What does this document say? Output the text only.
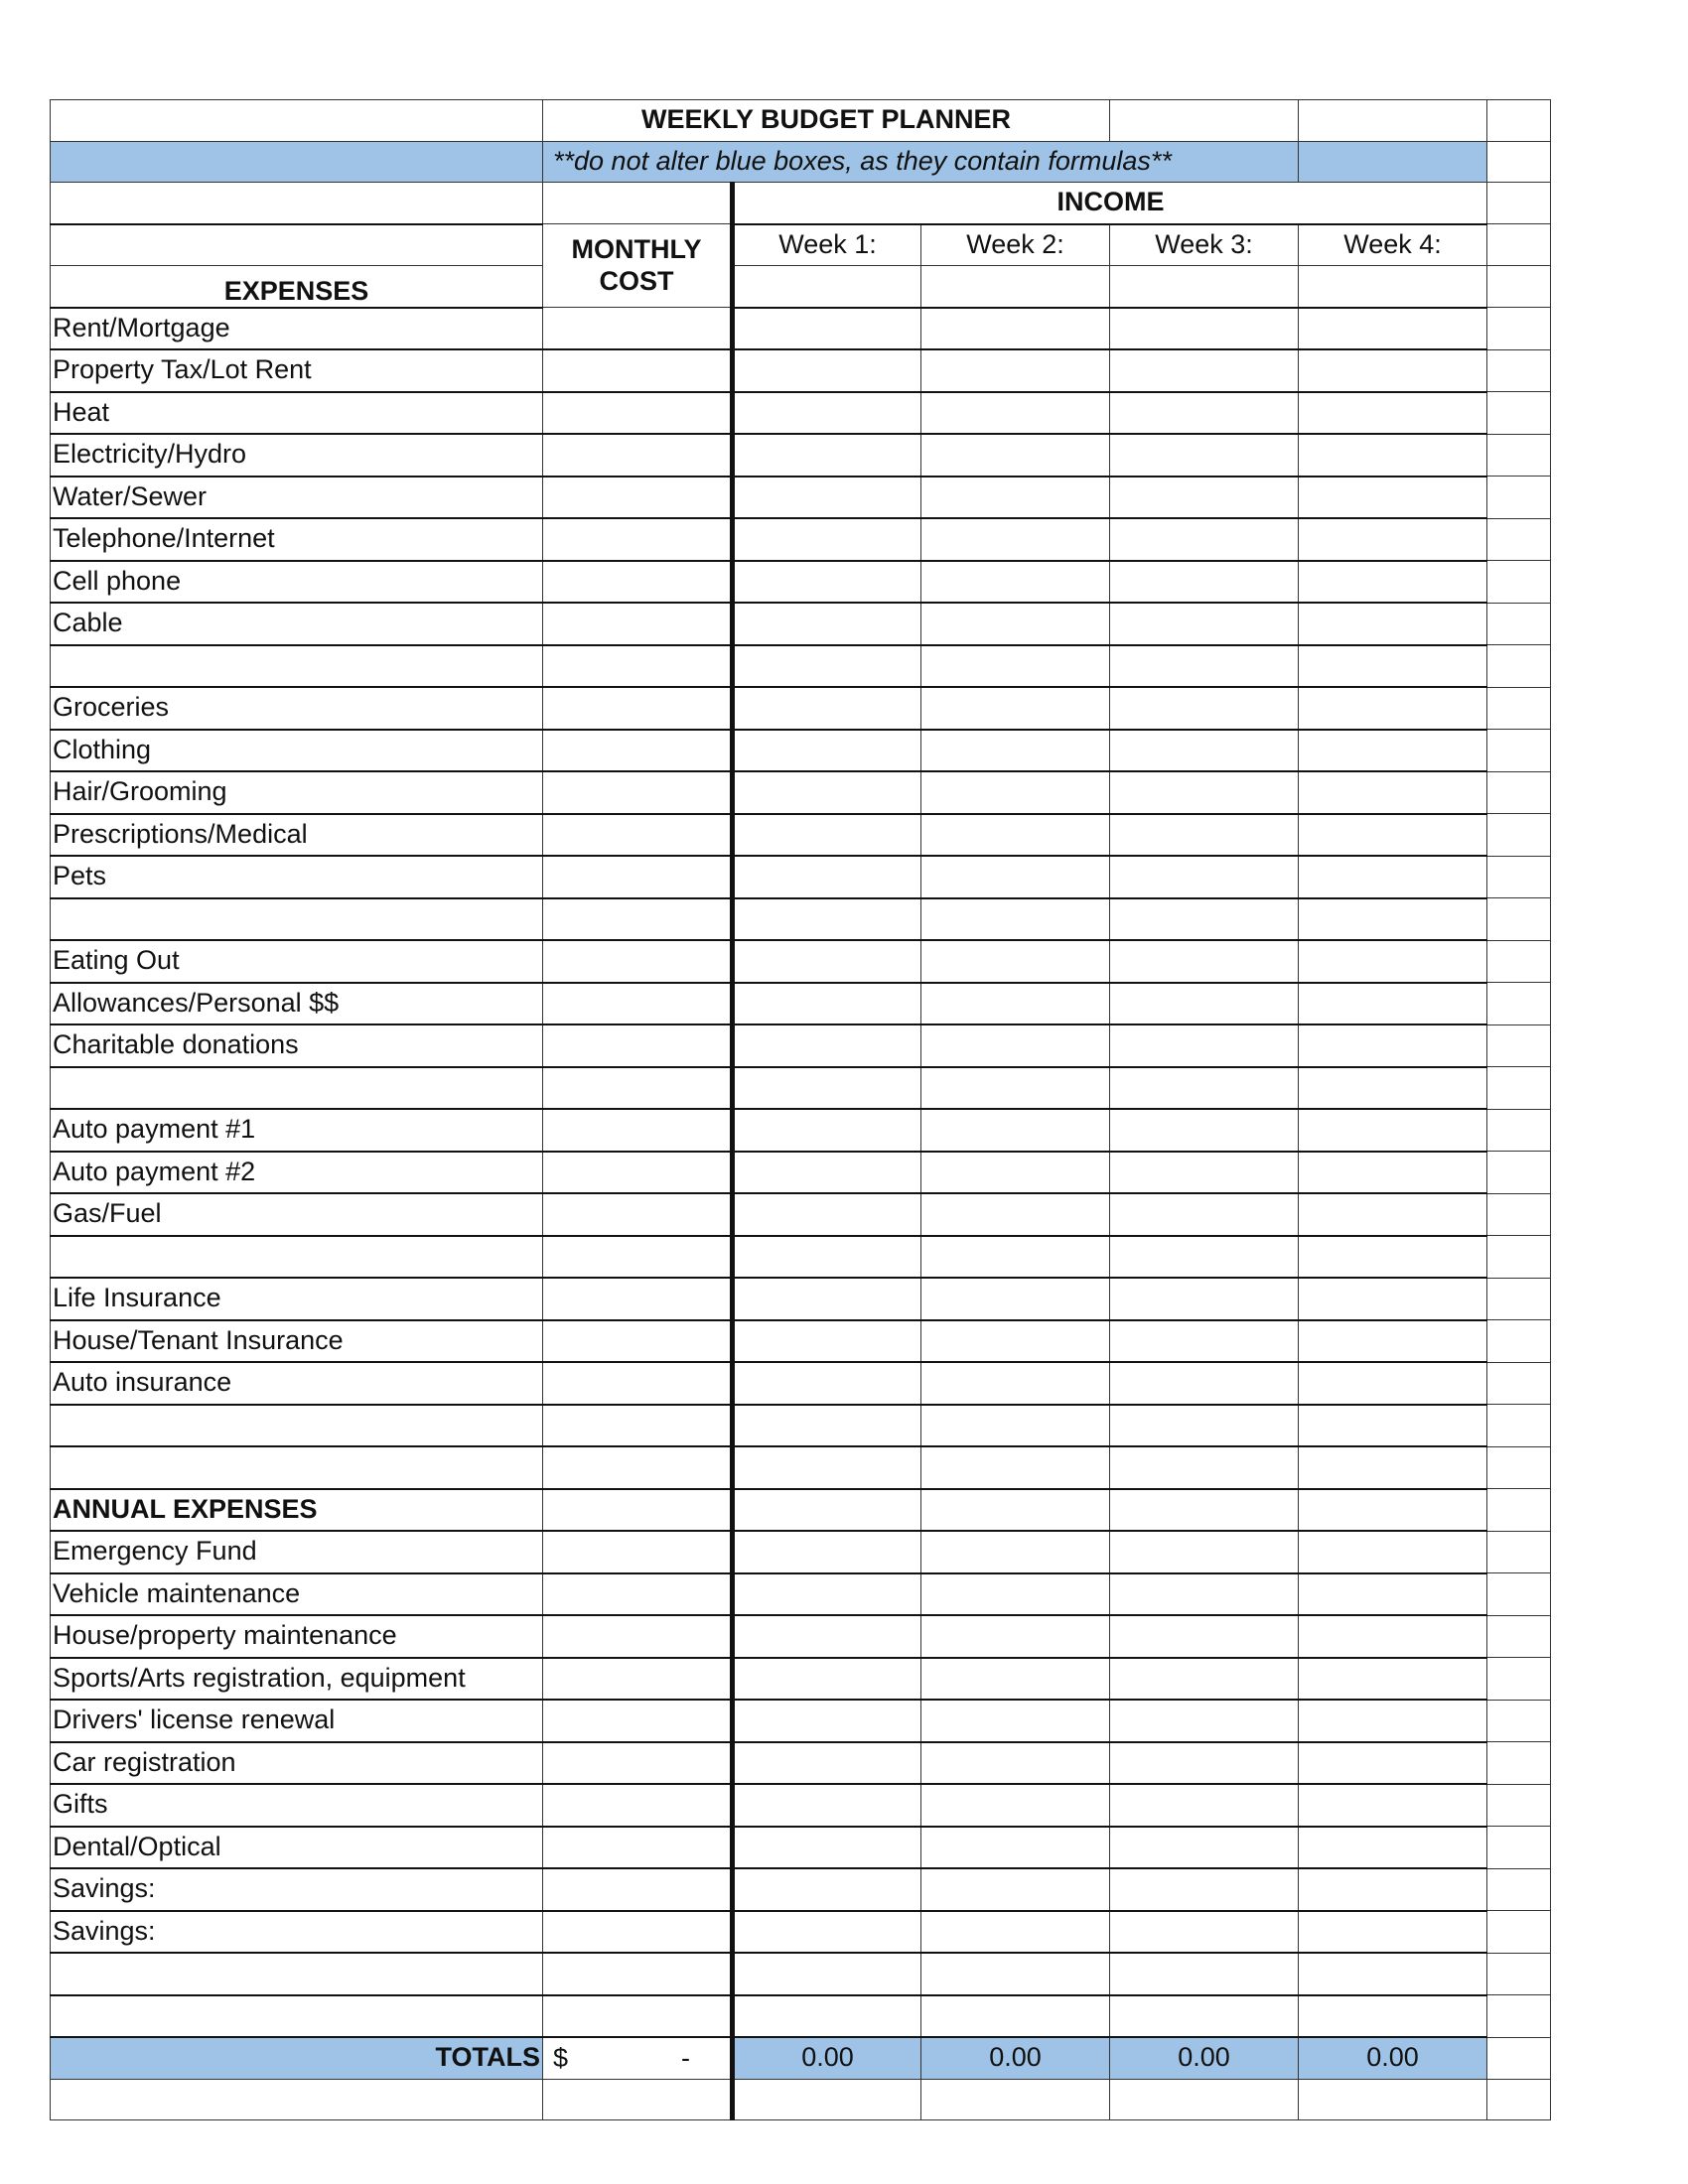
	WEEKLY BUDGET PLANNER					
	**do not alter blue boxes, as they contain formulas**					
		INCOME				
	MONTHLY
COST	Week 1:	Week 2:	Week 3:	Week 4:	
EXPENSES						
Rent/Mortgage						
Property Tax/Lot Rent						
Heat						
Electricity/Hydro						
Water/Sewer						
Telephone/Internet						
Cell phone						
Cable						

Groceries						
Clothing						
Hair/Grooming						
Prescriptions/Medical						
Pets						

Eating Out						
Allowances/Personal $$						
Charitable donations						

Auto payment #1						
Auto payment #2						
Gas/Fuel						

Life Insurance						
House/Tenant Insurance						
Auto insurance						

ANNUAL EXPENSES						
Emergency Fund						
Vehicle maintenance						
House/property maintenance						
Sports/Arts registration, equipment						
Drivers' license renewal						
Car registration						
Gifts						
Dental/Optical						
Savings:						
Savings:						

TOTALS	$ -	0.00	0.00	0.00	0.00	
